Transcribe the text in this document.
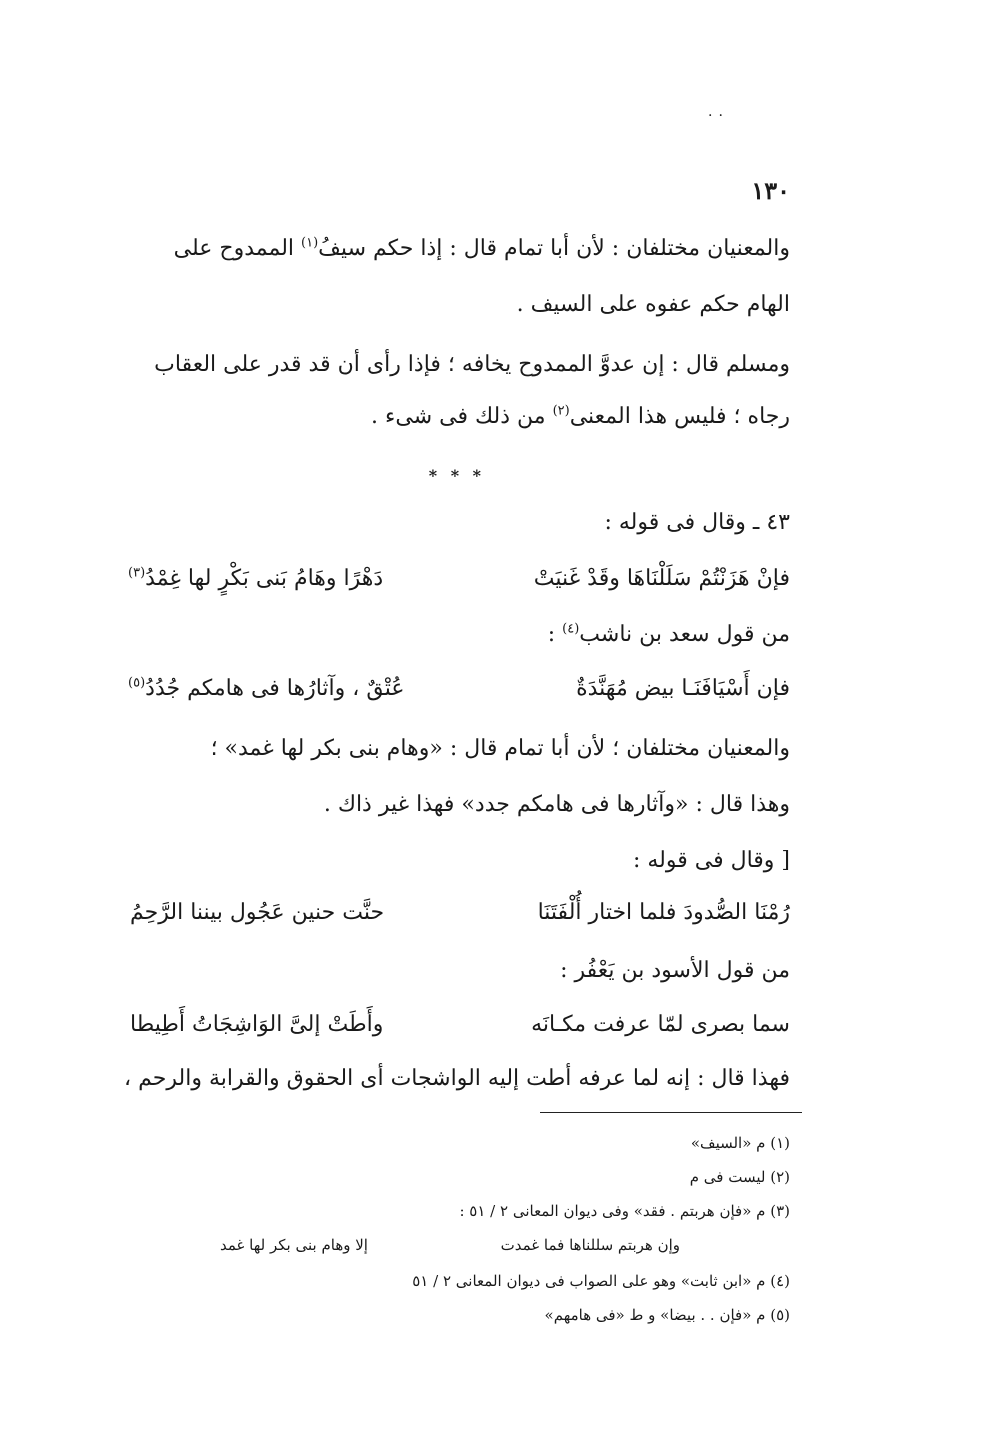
..
١٣٠
والمعنيان مختلفان : لأن أبا تمام قال : إذا حكم سيفُ$^{(١)}$ الممدوح على
الهام حكم عفوه على السيف .
ومسلم قال : إن عدوَّ الممدوح يخافه ؛ فإذا رأى أن قد قدر على العقاب
رجاه ؛ فليس هذا المعنى$^{(٢)}$ من ذلك فى شىء .
* * *
٤٣ ـ وقال فى قوله :
فإنْ هَزَنْتُمْ سَلَلْنَاهَا وقَدْ غَنيَتْ
دَهْرًا وهَامُ بَنى بَكْرٍ لها غِمْدُ$^{(٣)}$
من قول سعد بن ناشب$^{(٤)}$ :
فإن أَسْيَافَنَـا بيض مُهَنَّدَةٌ
عُتْقٌ ، وآثارُها فى هامكم جُدُدُ$^{(٥)}$
والمعنيان مختلفان ؛ لأن أبا تمام قال : «وهام بنى بكر لها غمد» ؛
وهذا قال : «وآثارها فى هامكم جدد» فهذا غير ذاك .
[ وقال فى قوله :
رُمْنَا الصُّدودَ فلما اختار أُلْفَتَنَا
حنَّت حنين عَجُول بيننا الرَّحِمُ
من قول الأسود بن يَعْفُر :
سما بصرى لمّا عرفت مكـانَه
وأَطَتْ إلىَّ الوَاشِجَاتُ أَطِيطا
فهذا قال : إنه لما عرفه أطت إليه الواشجات أى الحقوق والقرابة والرحم ،
(١) م «السيف»
(٢) ليست فى م
(٣) م «فإن هربتم . فقد» وفى ديوان المعانى ٢ / ٥١ :
وإن هربتم سللناها فما غمدت
إلا وهام بنى بكر لها غمد
(٤) م «ابن ثابت» وهو على الصواب فى ديوان المعانى ٢ / ٥١
(٥) م «فإن . . بيضا» و ط «فى هامهم»
